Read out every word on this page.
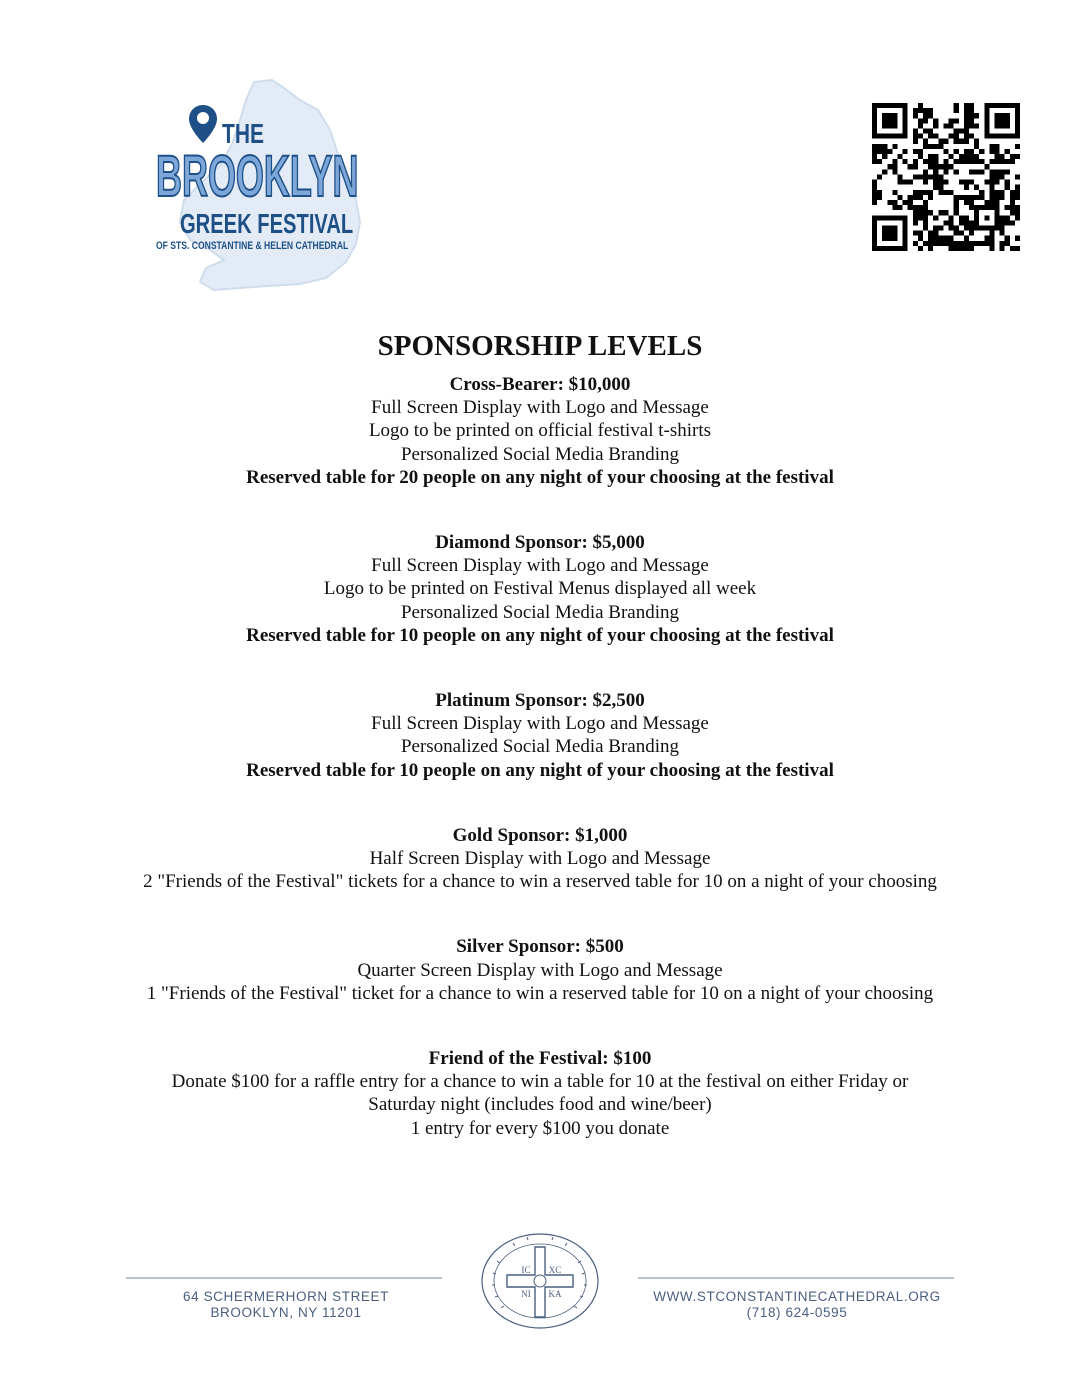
THE
BROOKLYN
GREEK FESTIVAL
OF STS. CONSTANTINE & HELEN CATHEDRAL
SPONSORSHIP LEVELS
Cross-Bearer: $10,000
Full Screen Display with Logo and Message
Logo to be printed on official festival t-shirts
Personalized Social Media Branding
Reserved table for 20 people on any night of your choosing at the festival
Diamond Sponsor: $5,000
Full Screen Display with Logo and Message
Logo to be printed on Festival Menus displayed all week
Personalized Social Media Branding
Reserved table for 10 people on any night of your choosing at the festival
Platinum Sponsor: $2,500
Full Screen Display with Logo and Message
Personalized Social Media Branding
Reserved table for 10 people on any night of your choosing at the festival
Gold Sponsor: $1,000
Half Screen Display with Logo and Message
2 "Friends of the Festival" tickets for a chance to win a reserved table for 10 on a night of your choosing
Silver Sponsor: $500
Quarter Screen Display with Logo and Message
1 "Friends of the Festival" ticket for a chance to win a reserved table for 10 on a night of your choosing
Friend of the Festival: $100
Donate $100 for a raffle entry for a chance to win a table for 10 at the festival on either Friday or
Saturday night (includes food and wine/beer)
1 entry for every $100 you donate
64 SCHERMERHORN STREET
BROOKLYN, NY 11201
IC XC
NI KA	WWW.STCONSTANTINECATHEDRAL.ORG
(718) 624-0595
